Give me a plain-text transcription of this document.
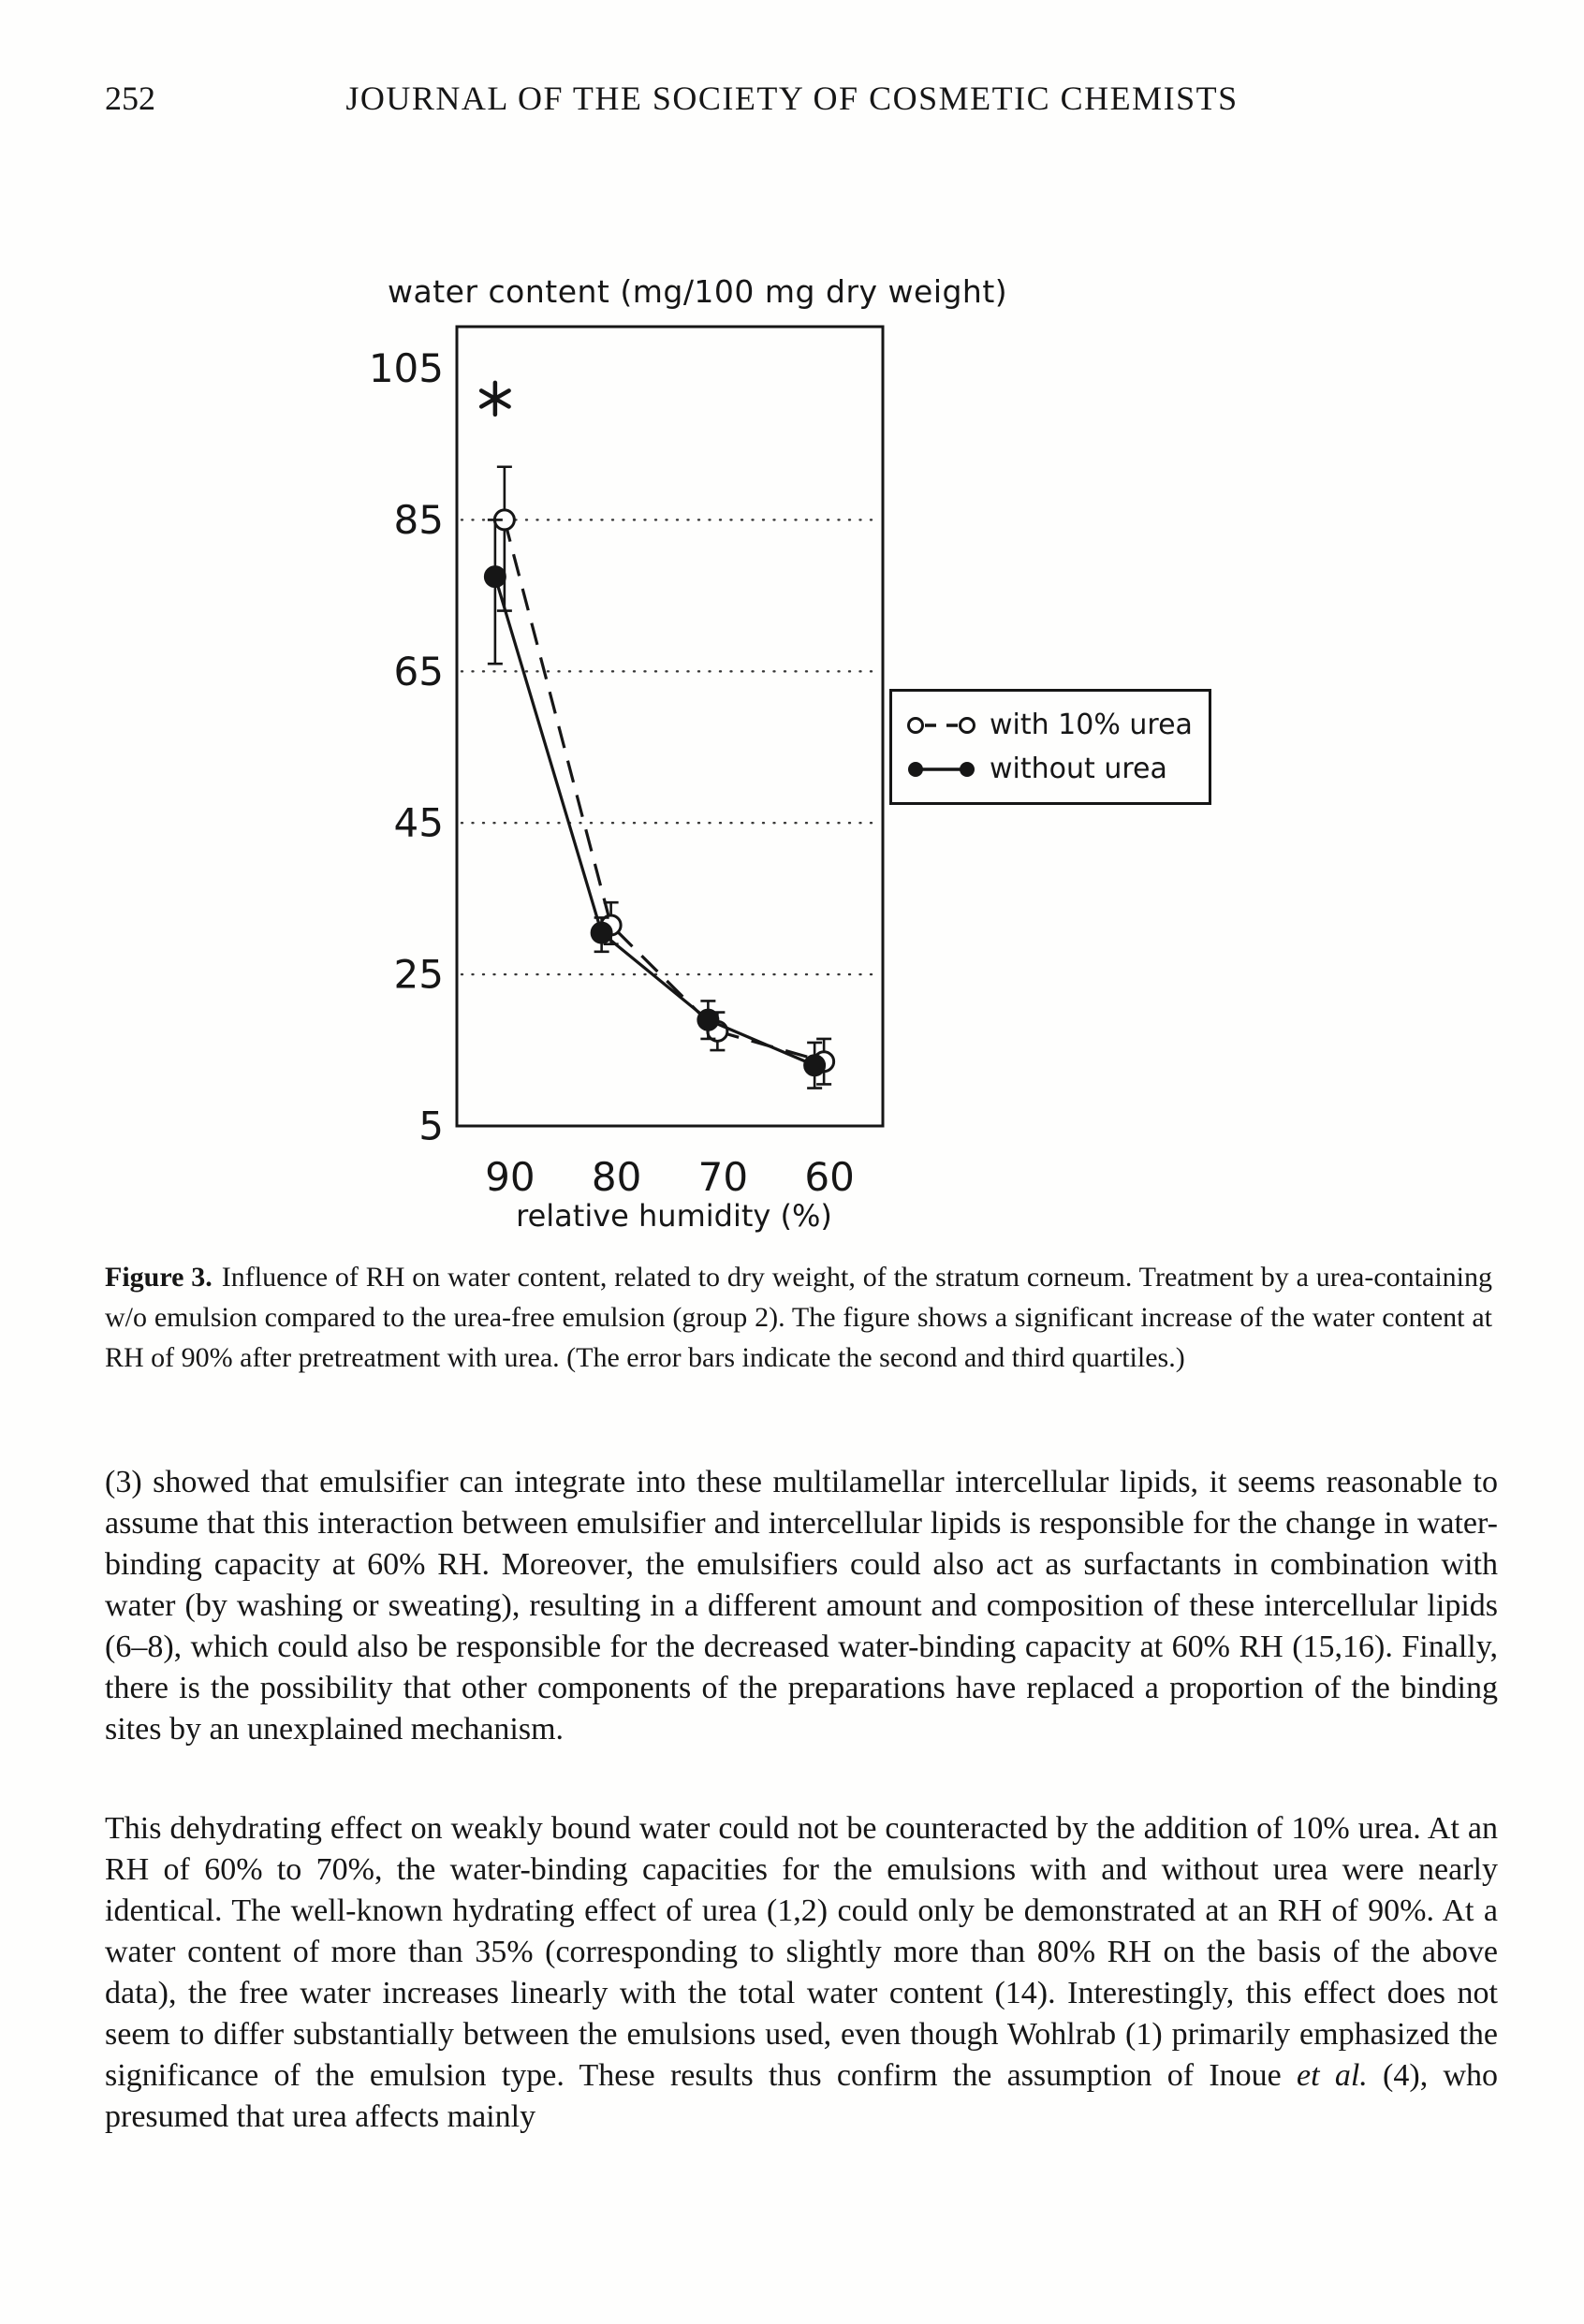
252	JOURNAL OF THE SOCIETY OF COSMETIC CHEMISTS
water content (mg/100 mg dry weight)
105
85
65
45
25
5
90 80 70 60
with 10% urea
without urea
relative humidity (%)

Figure 3. Influence of RH on water content, related to dry weight, of the stratum corneum. Treatment by a urea-containing w/o emulsion compared to the urea-free emulsion (group 2). The figure shows a significant increase of the water content at RH of 90% after pretreatment with urea. (The error bars indicate the second and third quartiles.)

(3) showed that emulsifier can integrate into these multilamellar intercellular lipids, it seems reasonable to assume that this interaction between emulsifier and intercellular lipids is responsible for the change in water-binding capacity at 60% RH. Moreover, the emulsifiers could also act as surfactants in combination with water (by washing or sweating), resulting in a different amount and composition of these intercellular lipids (6–8), which could also be responsible for the decreased water-binding capacity at 60% RH (15,16). Finally, there is the possibility that other components of the preparations have replaced a proportion of the binding sites by an unexplained mechanism.

This dehydrating effect on weakly bound water could not be counteracted by the addition of 10% urea. At an RH of 60% to 70%, the water-binding capacities for the emulsions with and without urea were nearly identical. The well-known hydrating effect of urea (1,2) could only be demonstrated at an RH of 90%. At a water content of more than 35% (corresponding to slightly more than 80% RH on the basis of the above data), the free water increases linearly with the total water content (14). Interestingly, this effect does not seem to differ substantially between the emulsions used, even though Wohlrab (1) primarily emphasized the significance of the emulsion type. These results thus confirm the assumption of Inoue et al. (4), who presumed that urea affects mainly
